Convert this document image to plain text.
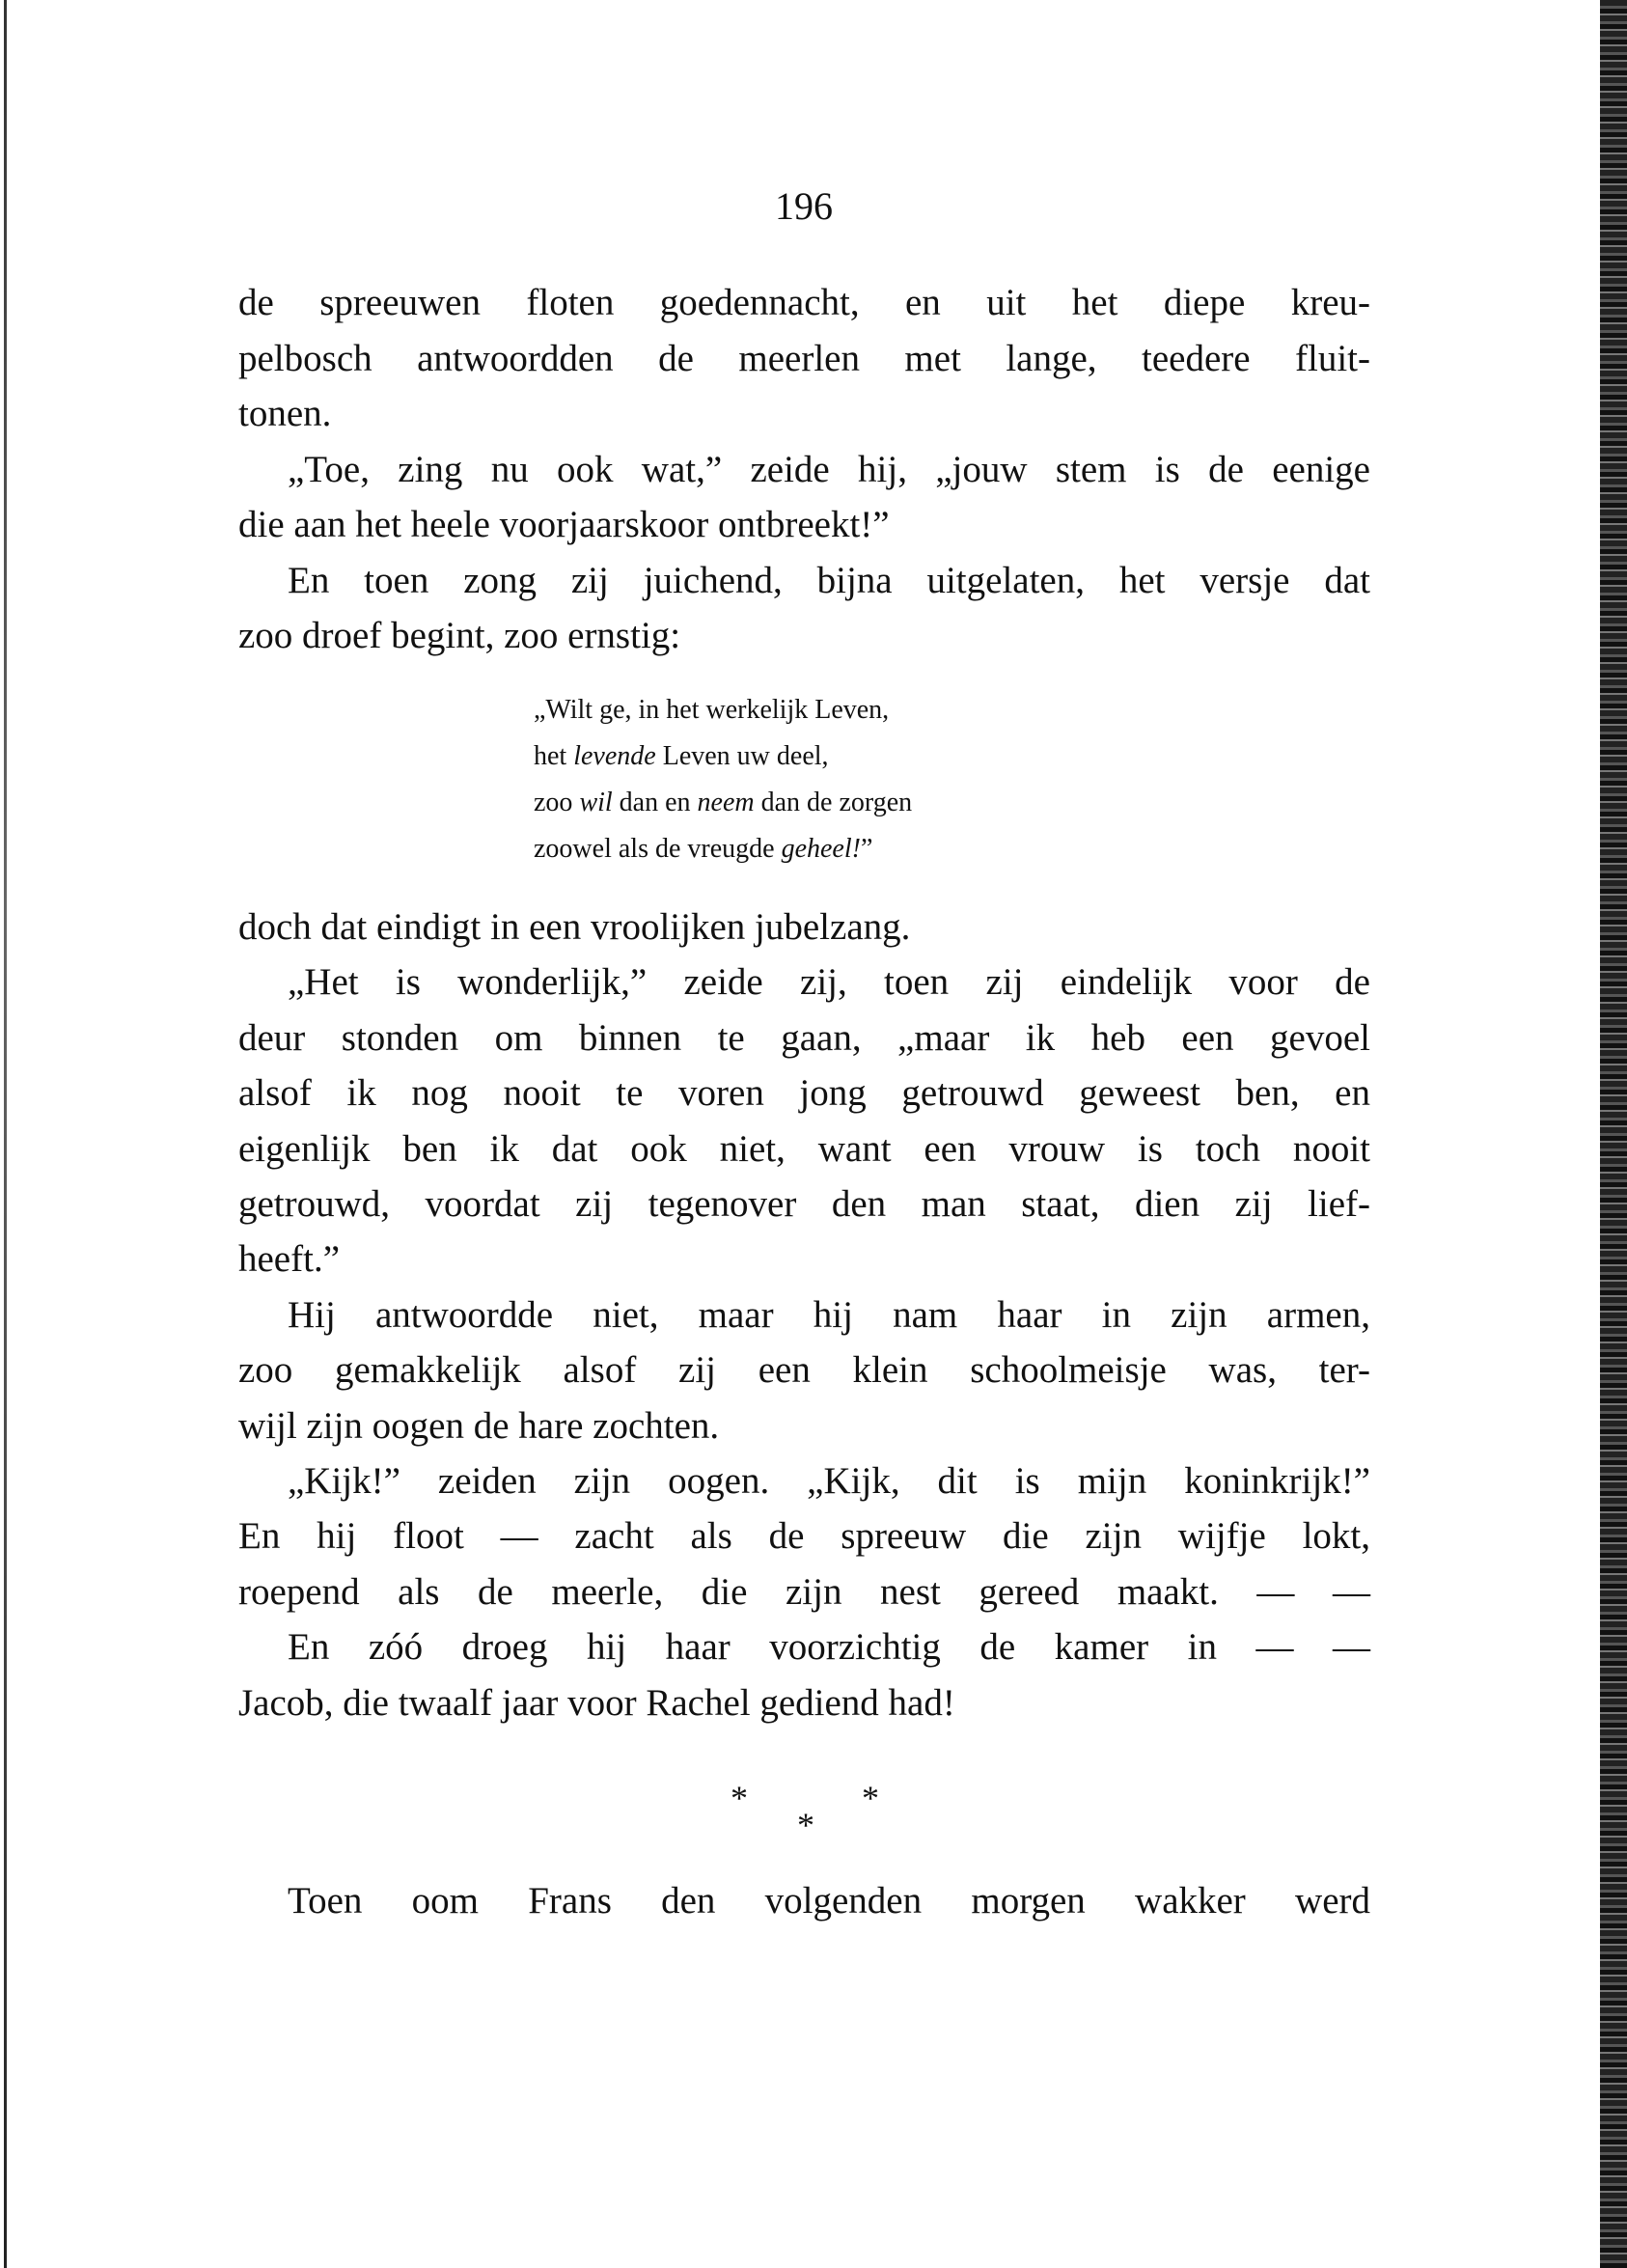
196
de spreeuwen floten goedennacht, en uit het diepe kreu-
pelbosch antwoordden de meerlen met lange, teedere fluit-
tonen.
„Toe, zing nu ook wat,” zeide hij, „jouw stem is de eenige
die aan het heele voorjaarskoor ontbreekt!”
En toen zong zij juichend, bijna uitgelaten, het versje dat
zoo droef begint, zoo ernstig:
„Wilt ge, in het werkelijk Leven,
het levende Leven uw deel,
zoo wil dan en neem dan de zorgen
zoowel als de vreugde geheel!”
doch dat eindigt in een vroolijken jubelzang.
„Het is wonderlijk,” zeide zij, toen zij eindelijk voor de
deur stonden om binnen te gaan, „maar ik heb een gevoel
alsof ik nog nooit te voren jong getrouwd geweest ben, en
eigenlijk ben ik dat ook niet, want een vrouw is toch nooit
getrouwd, voordat zij tegenover den man staat, dien zij lief-
heeft.”
Hij antwoordde niet, maar hij nam haar in zijn armen,
zoo gemakkelijk alsof zij een klein schoolmeisje was, ter-
wijl zijn oogen de hare zochten.
„Kijk!” zeiden zijn oogen. „Kijk, dit is mijn koninkrijk!”
En hij floot — zacht als de spreeuw die zijn wijfje lokt,
roepend als de meerle, die zijn nest gereed maakt. — —
En zóó droeg hij haar voorzichtig de kamer in — —
Jacob, die twaalf jaar voor Rachel gediend had!
*
*
*
Toen oom Frans den volgenden morgen wakker werd
